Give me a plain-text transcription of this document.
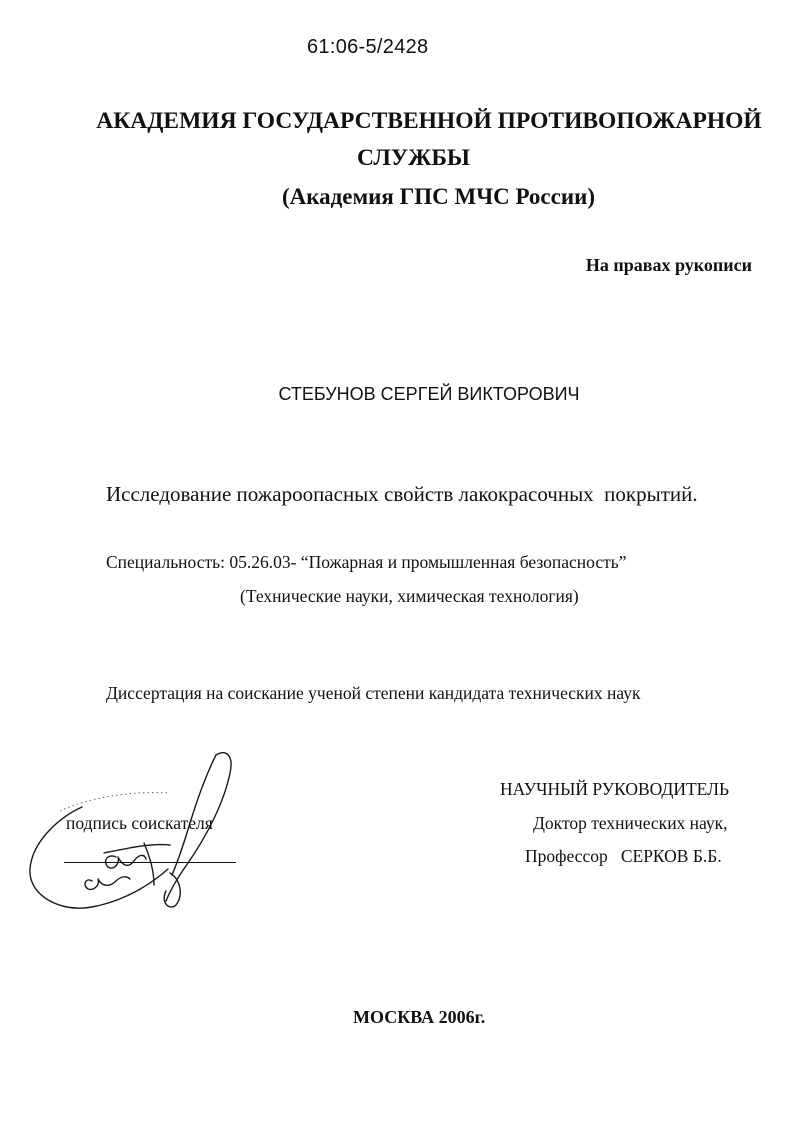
61:06-5/2428
АКАДЕМИЯ ГОСУДАРСТВЕННОЙ ПРОТИВОПОЖАРНОЙ
СЛУЖБЫ
(Академия ГПС МЧС России)
На правах рукописи
СТЕБУНОВ СЕРГЕЙ ВИКТОРОВИЧ
Исследование пожароопасных свойств лакокрасочных  покрытий.
Специальность: 05.26.03- “Пожарная и промышленная безопасность”
(Технические науки, химическая технология)
Диссертация на соискание ученой степени кандидата технических наук
НАУЧНЫЙ РУКОВОДИТЕЛЬ
Доктор технических наук,
Профессор   СЕРКОВ Б.Б.
подпись соискателя
МОСКВА 2006г.
